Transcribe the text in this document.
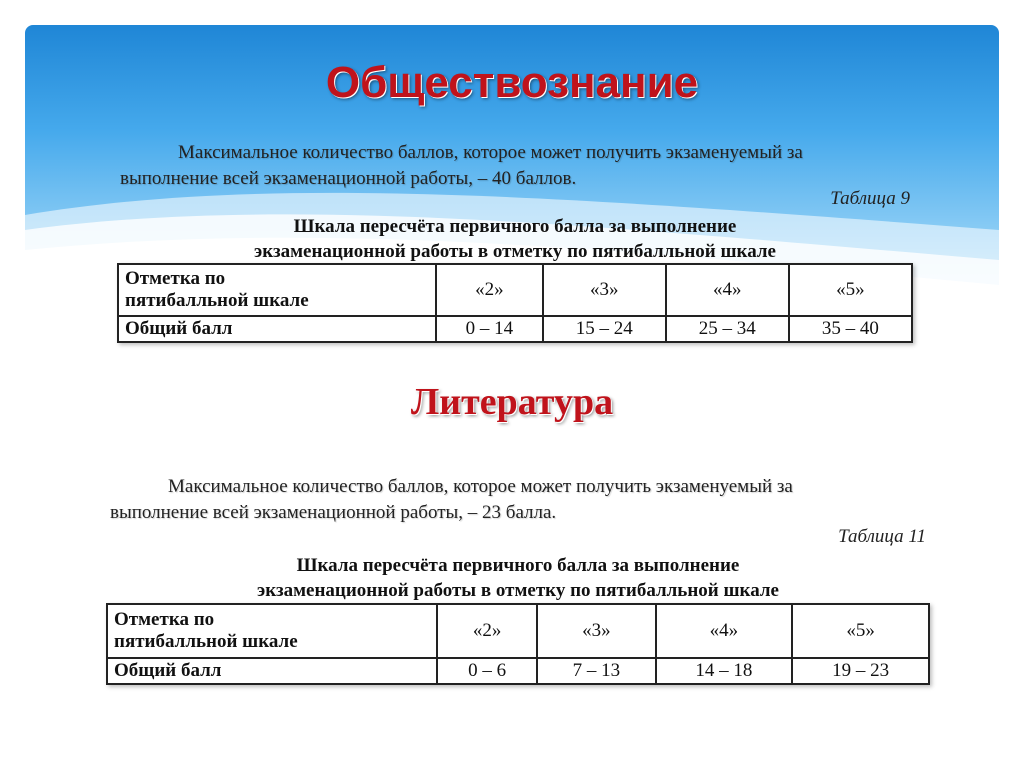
Обществознание

Максимальное количество баллов, которое может получить экзаменуемый за
выполнение всей экзаменационной работы, – 40 баллов.

Таблица 9

Шкала пересчёта первичного балла за выполнение
экзаменационной работы в отметку по пятибалльной шкале

Отметка по
пятибалльной шкале	«2»	«3»	«4»	«5»
Общий балл	0 – 14	15 – 24	25 – 34	35 – 40
Литература

Максимальное количество баллов, которое может получить экзаменуемый за
выполнение всей экзаменационной работы, – 23 балла.

Таблица 11

Шкала пересчёта первичного балла за выполнение
экзаменационной работы в отметку по пятибалльной шкале

Отметка по
пятибалльной шкале	«2»	«3»	«4»	«5»
Общий балл	0 – 6	7 – 13	14 – 18	19 – 23
